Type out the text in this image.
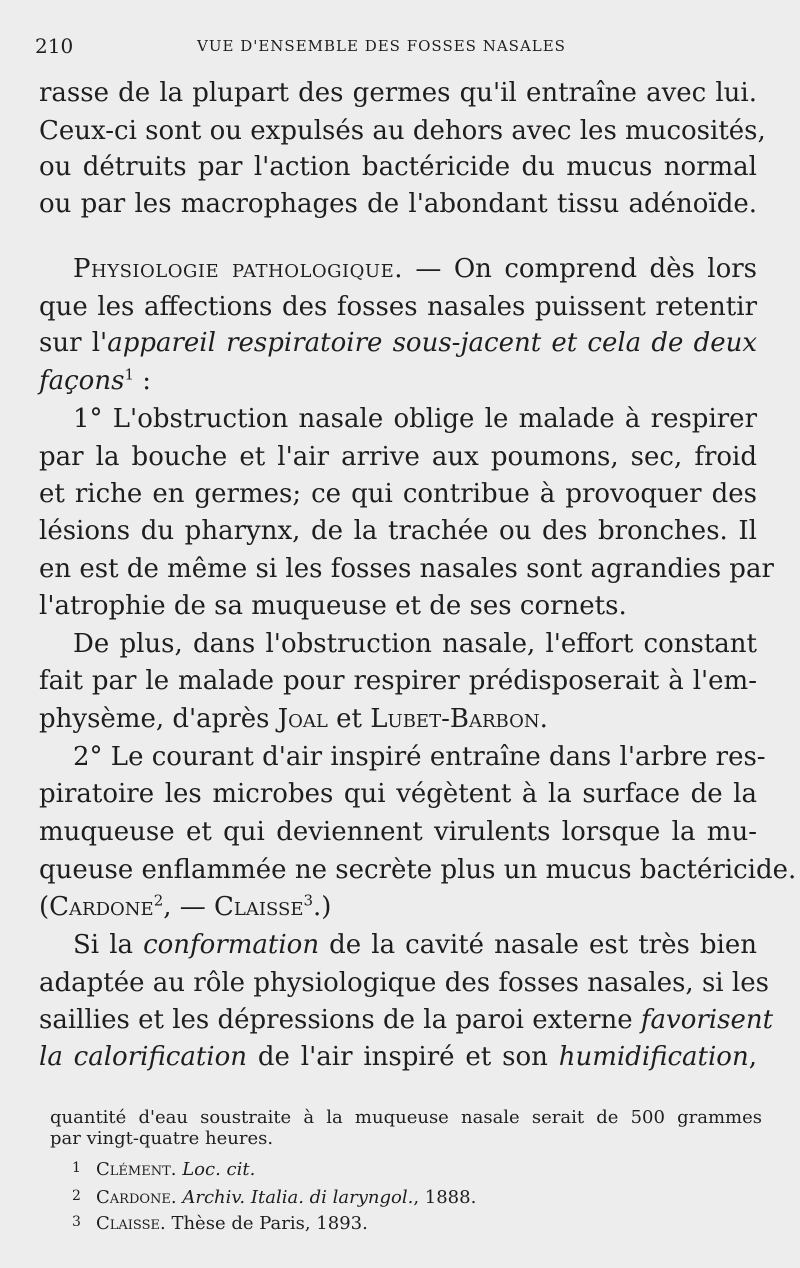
210	VUE D'ENSEMBLE DES FOSSES NASALES
rasse de la plupart des germes qu'il entraîne avec lui.
Ceux-ci sont ou expulsés au dehors avec les mucosités,
ou détruits par l'action bactéricide du mucus normal
ou par les macrophages de l'abondant tissu adénoïde.
Physiologie pathologique. — On comprend dès lors
que les affections des fosses nasales puissent retentir
sur l'appareil respiratoire sous-jacent et cela de deux
façons$^1$ :
1° L'obstruction nasale oblige le malade à respirer
par la bouche et l'air arrive aux poumons, sec, froid
et riche en germes; ce qui contribue à provoquer des
lésions du pharynx, de la trachée ou des bronches. Il
en est de même si les fosses nasales sont agrandies par
l'atrophie de sa muqueuse et de ses cornets.
De plus, dans l'obstruction nasale, l'effort constant
fait par le malade pour respirer prédisposerait à l'em-
physème, d'après Joal et Lubet-Barbon.
2° Le courant d'air inspiré entraîne dans l'arbre res-
piratoire les microbes qui végètent à la surface de la
muqueuse et qui deviennent virulents lorsque la mu-
queuse enflammée ne secrète plus un mucus bactéricide.
(Cardone$^2$, — Claisse$^3$.)
Si la conformation de la cavité nasale est très bien
adaptée au rôle physiologique des fosses nasales, si les
saillies et les dépressions de la paroi externe favorisent
la calorification de l'air inspiré et son humidification,
quantité d'eau soustraite à la muqueuse nasale serait de 500 grammes
par vingt-quatre heures.
1 Clément. Loc. cit.
2 Cardone. Archiv. Italia. di laryngol., 1888.
3 Claisse. Thèse de Paris, 1893.
